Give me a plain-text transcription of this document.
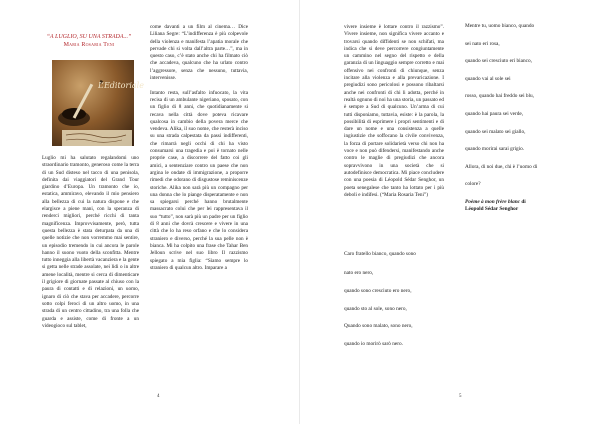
“A LUGLIO, SU UNA STRADA...”
Maria Rosaria Teni
L’Editoriale

Luglio mi ha salutato regalandomi uno straordinario tramonto, generoso come la terra di un Sud disteso nel tacco di una penisola, definita dai viaggiatori del Grand Tour giardino d’Europa. Un tramonto che io, estatica, ammiravo, elevando il mio pensiero alla bellezza di cui la natura dispone e che elargisce a piene mani, con la speranza di renderci migliori, perché ricchi di tanta magnificenza. Improvvisamente, però, tutta questa bellezza è stata deturpata da una di quelle notizie che non vorremmo mai sentire, un episodio tremendo in cui ancora le parole hanno il suono vuoto della sconfitta. Mentre tutto inneggia alla libertà vacanziera e la gente si getta nelle strade assolate, nei lidi o in altre amene località, mentre si cerca di dimenticare il grigiore di giornate passate al chiuso con la paura di contatti e di relazioni, un uomo, ignaro di ciò che stava per accadere, percorre sotto colpi feroci di un altro uomo, in una strada di un centro cittadino, tra una folla che guarda e assiste, come di fronte a un videogioco sul tablet,

come davanti a un film al cinema… Dice Liliana Segre: “L’indifferenza è più colpevole della violenza e manifesta l’apatia morale che pervade chi si volta dall’altra parte…”, ma in questo caso, c’è stato anche chi ha filmato ciò che accadeva, qualcuno che ha urlato contro l’aggressore, senza che nessuno, tuttavia, intervenisse.

Intanto resta, sull’asfalto infuocato, la vita recisa di un ambulante nigeriano, sposato, con un figlio di 8 anni, che quotidianamente si recava nella città dove poteva ricavare qualcosa in cambio della povera merce che vendeva. Alika, il suo nome, che resterà inciso su una strada calpestata da passi indifferenti, che rimarrà negli occhi di chi ha visto consumarsi una tragedia e poi è tornato nelle proprie case, a discorrere del fatto coi gli amici, a sentenziare contro un paese che non argina le ondate di immigrazione, a proporre rimedi che odorano di disgustose reminiscenze storiche. Alika non sarà più un compagno per una donna che lo piange disperatamente e non sa spiegarsi perché hanno brutalmente massacrato colui che per lei rappresentava il suo “tutto”, non sarà più un padre per un figlio di 8 anni che dovrà crescere e vivere in una città che lo ha reso orfano e che lo considera straniero e diverso, perché la sua pelle non è bianca. Mi ha colpito una frase che Tahar Ben Jelloun scrive nel suo libro Il razzismo spiegato a mia figlia: “Siamo sempre lo straniero di qualcun altro. Imparare a

4

vivere insieme è lottare contro il razzismo”. Vivere insieme, non significa vivere accanto e trovarsi quando diffidenti se non schifati, ma indica che si deve percorrere congiuntamente un cammino nel segno del rispetto e della garanzia di un linguaggio sempre corretto e mai offensivo nei confronti di chiunque, senza incitare alla violenza e alla prevaricazione. I pregiudizi sono pericolosi e possono ribaltarsi anche nei confronti di chi li adotta, perché in realtà ognuno di noi ha una storia, un passato ed è sempre a Sud di qualcuno. Un’arma di cui tutti disponiamo, tuttavia, esiste: è la parola, la possibilità di esprimere i propri sentimenti e di dare un nome e una consistenza a quelle ingiustizie che soffocano la civile convivenza, la forza di portare solidarietà verso chi non ha voce e non può difendersi, manifestando anche contro le maglie di pregiudizi che ancora sopravvivono in una società che si autodefinisce democratica. Mi piace concludere con una poesia di Léopold Sédar Senghor, un poeta senegalese che tanto ha lottato per i più deboli e indifesi. (“Maria Rosaria Teni”)

Caro fratello bianco, quando sono
nato ero nero,
quando sono cresciuto ero nero,
quando sto al sole, sono nero,
Quando sono malato, sono nero,
quando io morirò sarò nero.
Mentre tu, uomo bianco, quando
sei nato eri rosa,
quando sei cresciuto eri bianco,
quando vai al sole sei
rosso, quando hai freddo sei blu,
quando hai paura sei verde,
quando sei malato sei giallo,
quando morirai sarai grigio.
Allora, di noi due, chi è l’uomo di
colore?
Poème à mon frère blanc di
Léopold Sédar Senghor
5
